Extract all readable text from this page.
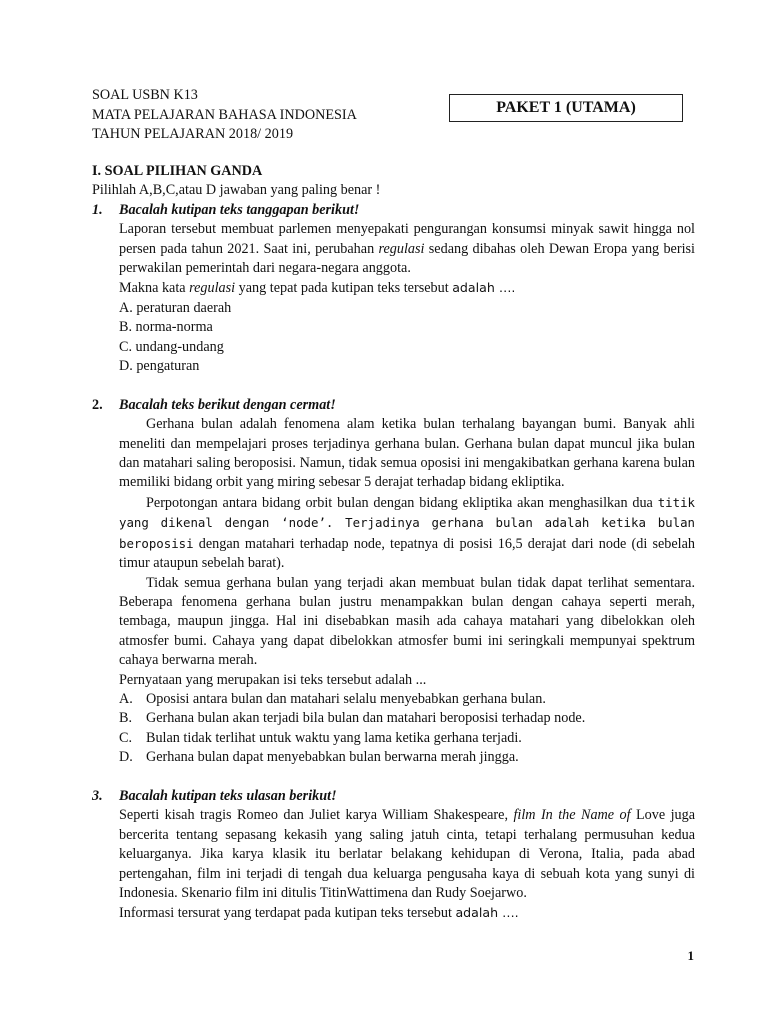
SOAL USBN K13
MATA PELAJARAN BAHASA INDONESIA
TAHUN PELAJARAN 2018/ 2019
PAKET 1 (UTAMA)
I. SOAL PILIHAN GANDA
Pilihlah A,B,C,atau D jawaban yang paling benar !
1.	Bacalah kutipan teks tanggapan berikut!
Laporan tersebut membuat parlemen menyepakati pengurangan konsumsi minyak sawit hingga nol persen pada tahun 2021. Saat ini, perubahan regulasi sedang dibahas oleh Dewan Eropa yang berisi perwakilan pemerintah dari negara-negara anggota.
Makna kata regulasi yang tepat pada kutipan teks tersebut adalah ….
A. peraturan daerah
B. norma-norma
C. undang-undang
D. pengaturan
2.	Bacalah teks berikut dengan cermat!
Gerhana bulan adalah fenomena alam ketika bulan terhalang bayangan bumi. Banyak ahli meneliti dan mempelajari proses terjadinya gerhana bulan. Gerhana bulan dapat muncul jika bulan dan matahari saling beroposisi. Namun, tidak semua oposisi ini mengakibatkan gerhana karena bulan memiliki bidang orbit yang miring sebesar 5 derajat terhadap bidang ekliptika.
Perpotongan antara bidang orbit bulan dengan bidang ekliptika akan menghasilkan dua titik yang dikenal dengan ‘node’. Terjadinya gerhana bulan adalah ketika bulan beroposisi dengan matahari terhadap node, tepatnya di posisi 16,5 derajat dari node (di sebelah timur ataupun sebelah barat).
Tidak semua gerhana bulan yang terjadi akan membuat bulan tidak dapat terlihat sementara. Beberapa fenomena gerhana bulan justru menampakkan bulan dengan cahaya seperti merah, tembaga, maupun jingga. Hal ini disebabkan masih ada cahaya matahari yang dibelokkan oleh atmosfer bumi. Cahaya yang dapat dibelokkan atmosfer bumi ini seringkali mempunyai spektrum cahaya berwarna merah.
Pernyataan yang merupakan isi teks tersebut adalah ...
A. Oposisi antara bulan dan matahari selalu menyebabkan gerhana bulan.
B. Gerhana bulan akan terjadi bila bulan dan matahari beroposisi terhadap node.
C. Bulan tidak terlihat untuk waktu yang lama ketika gerhana terjadi.
D. Gerhana bulan dapat menyebabkan bulan berwarna merah jingga.
3.	Bacalah kutipan teks ulasan berikut!
Seperti kisah tragis Romeo dan Juliet karya William Shakespeare, film In the Name of Love juga bercerita tentang sepasang kekasih yang saling jatuh cinta, tetapi terhalang permusuhan kedua keluarganya. Jika karya klasik itu berlatar belakang kehidupan di Verona, Italia, pada abad pertengahan, film ini terjadi di tengah dua keluarga pengusaha kaya di sebuah kota yang sunyi di Indonesia. Skenario film ini ditulis TitinWattimena dan Rudy Soejarwo.
Informasi tersurat yang terdapat pada kutipan teks tersebut adalah ….
1
